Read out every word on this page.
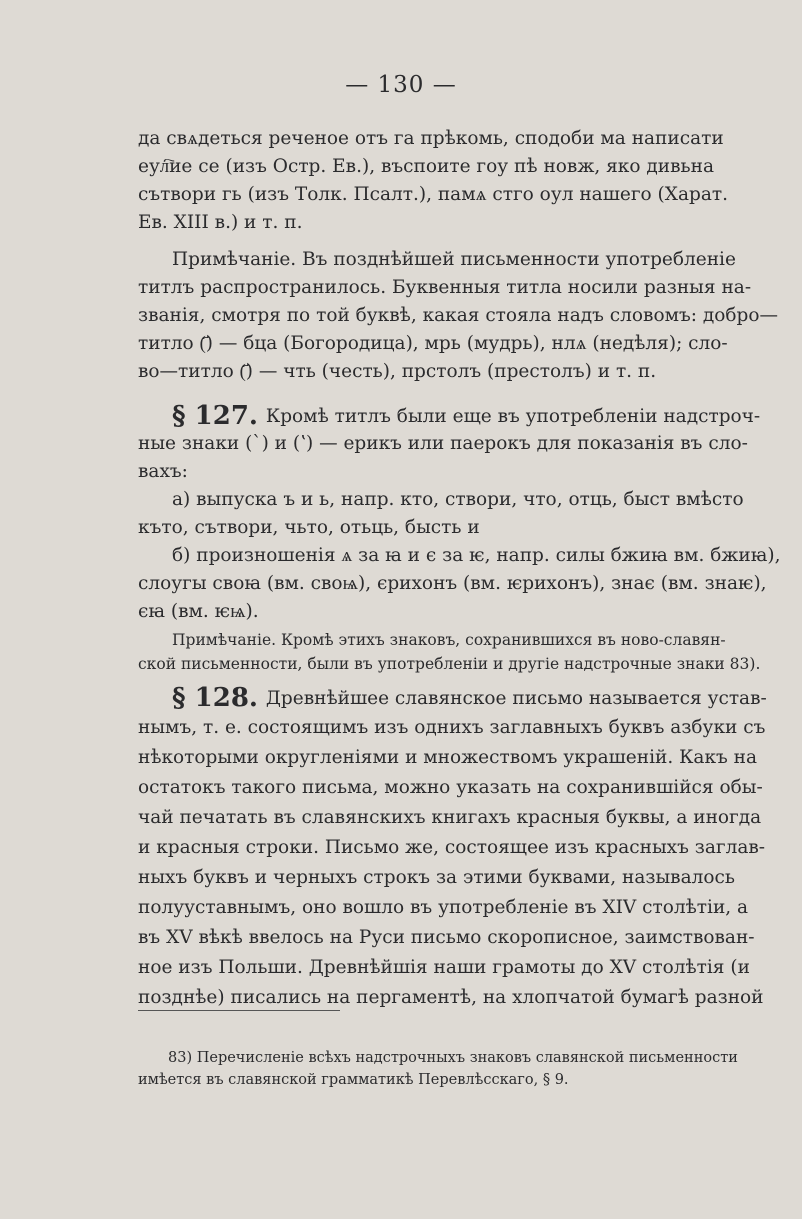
— 130 —
да свѧдеться реченое отъ га прѣкомь, сподоби ма написати
еул҇ие се (изъ Остр. Ев.), въспоите гоу пѣ новж, яко дивьна
сътвори гь (изъ Толк. Псалт.), памѧ стго оул нашего (Харат.
Ев. XIII в.) и т. п.
Примѣчаніе. Въ позднѣйшей письменности употребленіе
титлъ распространилось. Буквенныя титла носили разныя на-
званія, смотря по той буквѣ, какая стояла надъ словомъ: добро—
титло (҃) — бца (Богородица), мрь (мудрь), нлѧ (недѣля); сло-
во—титло (҃) — чть (честь), прстолъ (престолъ) и т. п.
§ 127. Кромѣ титлъ были еще въ употребленіи надстроч-
ные знаки (ˋ) и (ʽ) — ерикъ или паерокъ для показанія въ сло-
вахъ:
а) выпуска ъ и ь, напр. кто, створи, что, отць, быст вмѣсто
къто, сътвори, чьто, отьць, бысть и
б) произношенія ѧ за ꙗ и є за ѥ, напр. силы бжиꙗ вм. бжиꙗ),
слоугы своꙗ (вм. своѩ), єрихонъ (вм. ѥрихонъ), знає (вм. знаѥ),
єꙗ (вм. ѥѩ).
Примѣчаніе. Кромѣ этихъ знаковъ, сохранившихся въ ново-славян-
ской письменности, были въ употребленіи и другіе надстрочные знаки 83).
§ 128. Древнѣйшее славянское письмо называется устав-
нымъ, т. е. состоящимъ изъ однихъ заглавныхъ буквъ азбуки съ
нѣкоторыми округленіями и множествомъ украшеній. Какъ на
остатокъ такого письма, можно указать на сохранившійся обы-
чай печатать въ славянскихъ книгахъ красныя буквы, а иногда
и красныя строки. Письмо же, состоящее изъ красныхъ заглав-
ныхъ буквъ и черныхъ строкъ за этими буквами, называлось
полууставнымъ, оно вошло въ употребленіе въ XIV столѣтіи, а
въ XV вѣкѣ ввелось на Руси письмо скорописное, заимствован-
ное изъ Польши. Древнѣйшія наши грамоты до XV столѣтія (и
позднѣе) писались на пергаментѣ, на хлопчатой бумагѣ разной
83) Перечисленіе всѣхъ надстрочныхъ знаковъ славянской письменности
имѣется въ славянской грамматикѣ Перевлѣсскаго, § 9.
